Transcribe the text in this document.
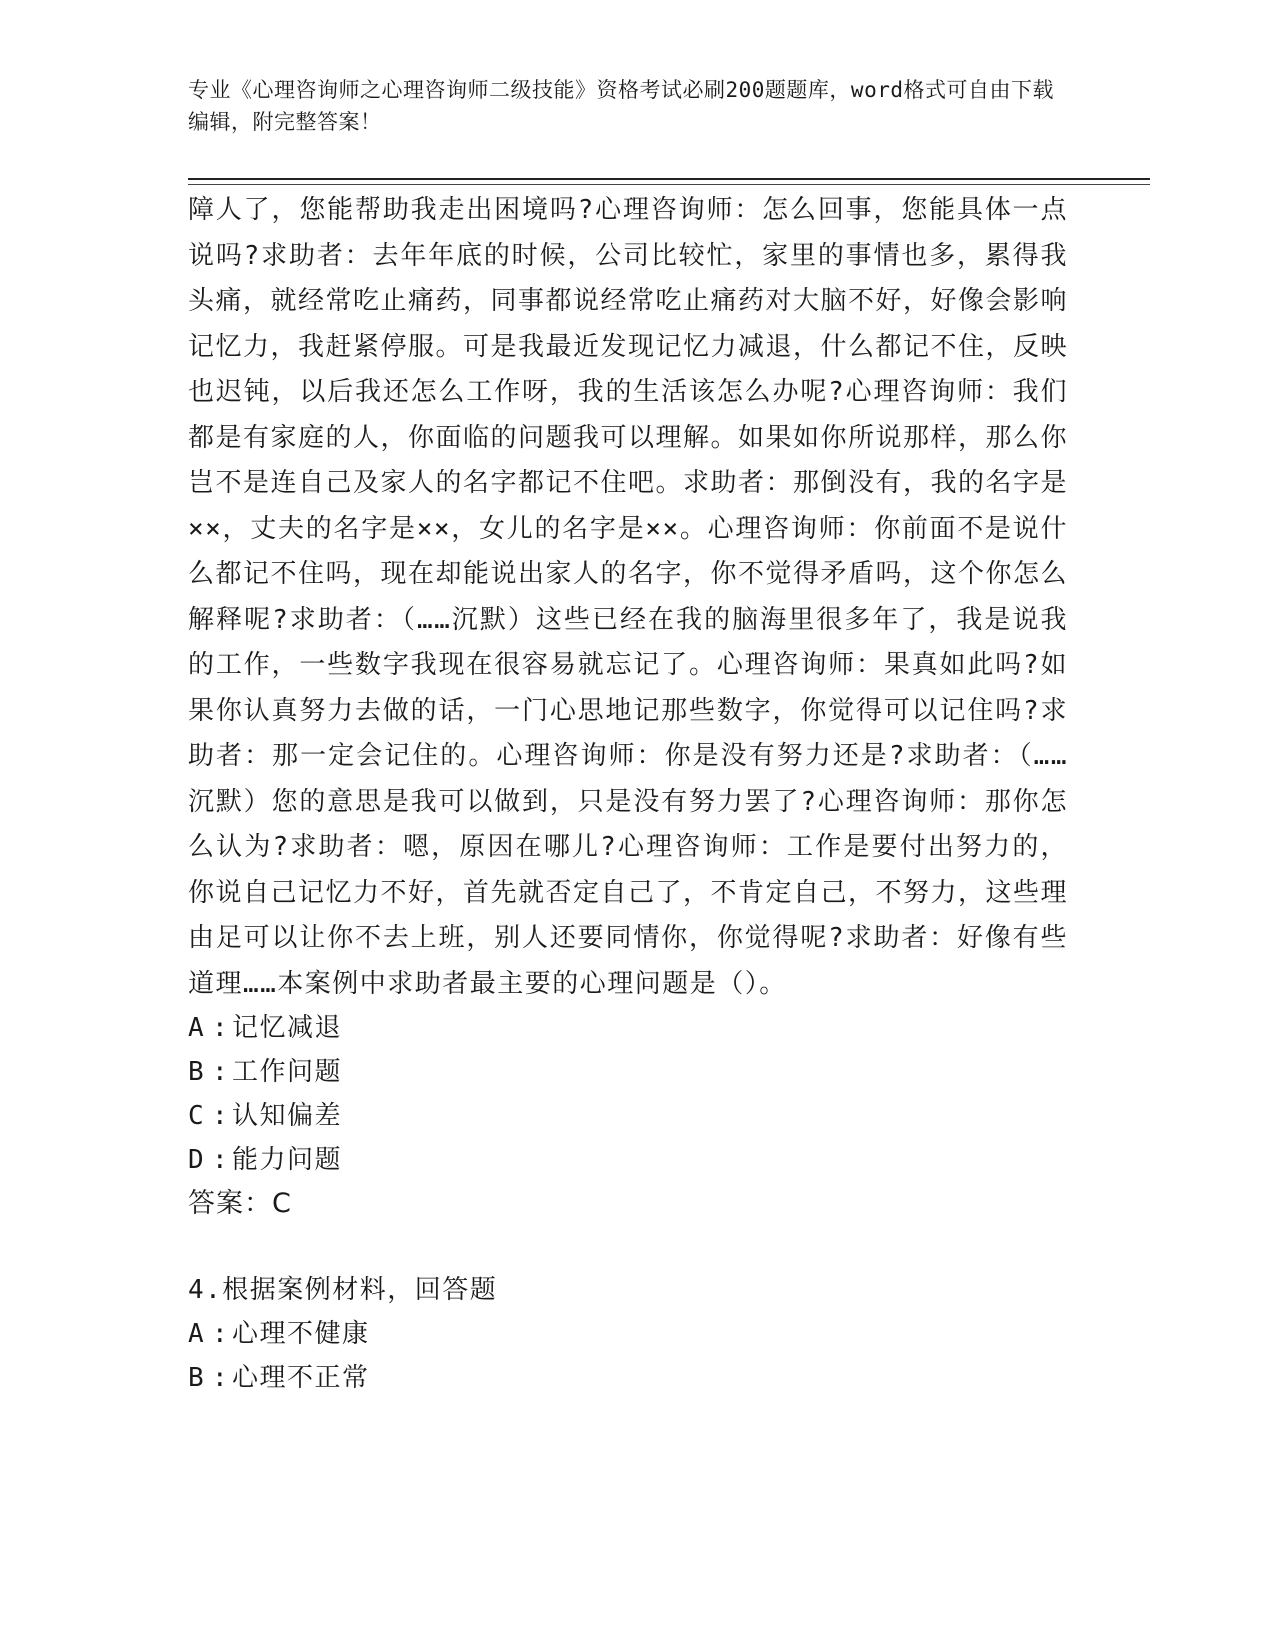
专业《心理咨询师之心理咨询师二级技能》资格考试必刷200题题库，word格式可自由下载编辑，附完整答案！
障人了，您能帮助我走出困境吗?心理咨询师：怎么回事，您能具体一点说吗?求助者：去年年底的时候，公司比较忙，家里的事情也多，累得我头痛，就经常吃止痛药，同事都说经常吃止痛药对大脑不好，好像会影响记忆力，我赶紧停服。可是我最近发现记忆力减退，什么都记不住，反映也迟钝，以后我还怎么工作呀，我的生活该怎么办呢?心理咨询师：我们都是有家庭的人，你面临的问题我可以理解。如果如你所说那样，那么你岂不是连自己及家人的名字都记不住吧。求助者：那倒没有，我的名字是××，丈夫的名字是××，女儿的名字是××。心理咨询师：你前面不是说什么都记不住吗，现在却能说出家人的名字，你不觉得矛盾吗，这个你怎么解释呢?求助者：（……沉默）这些已经在我的脑海里很多年了，我是说我的工作，一些数字我现在很容易就忘记了。心理咨询师：果真如此吗?如果你认真努力去做的话，一门心思地记那些数字，你觉得可以记住吗?求助者：那一定会记住的。心理咨询师：你是没有努力还是?求助者：（……沉默）您的意思是我可以做到，只是没有努力罢了?心理咨询师：那你怎么认为?求助者：嗯，原因在哪儿?心理咨询师：工作是要付出努力的，你说自己记忆力不好，首先就否定自己了，不肯定自己，不努力，这些理由足可以让你不去上班，别人还要同情你，你觉得呢?求助者：好像有些道理……本案例中求助者最主要的心理问题是（）。
A : 记忆减退
B : 工作问题
C : 认知偏差
D : 能力问题
答案：C
4.根据案例材料，回答题
A : 心理不健康
B : 心理不正常
